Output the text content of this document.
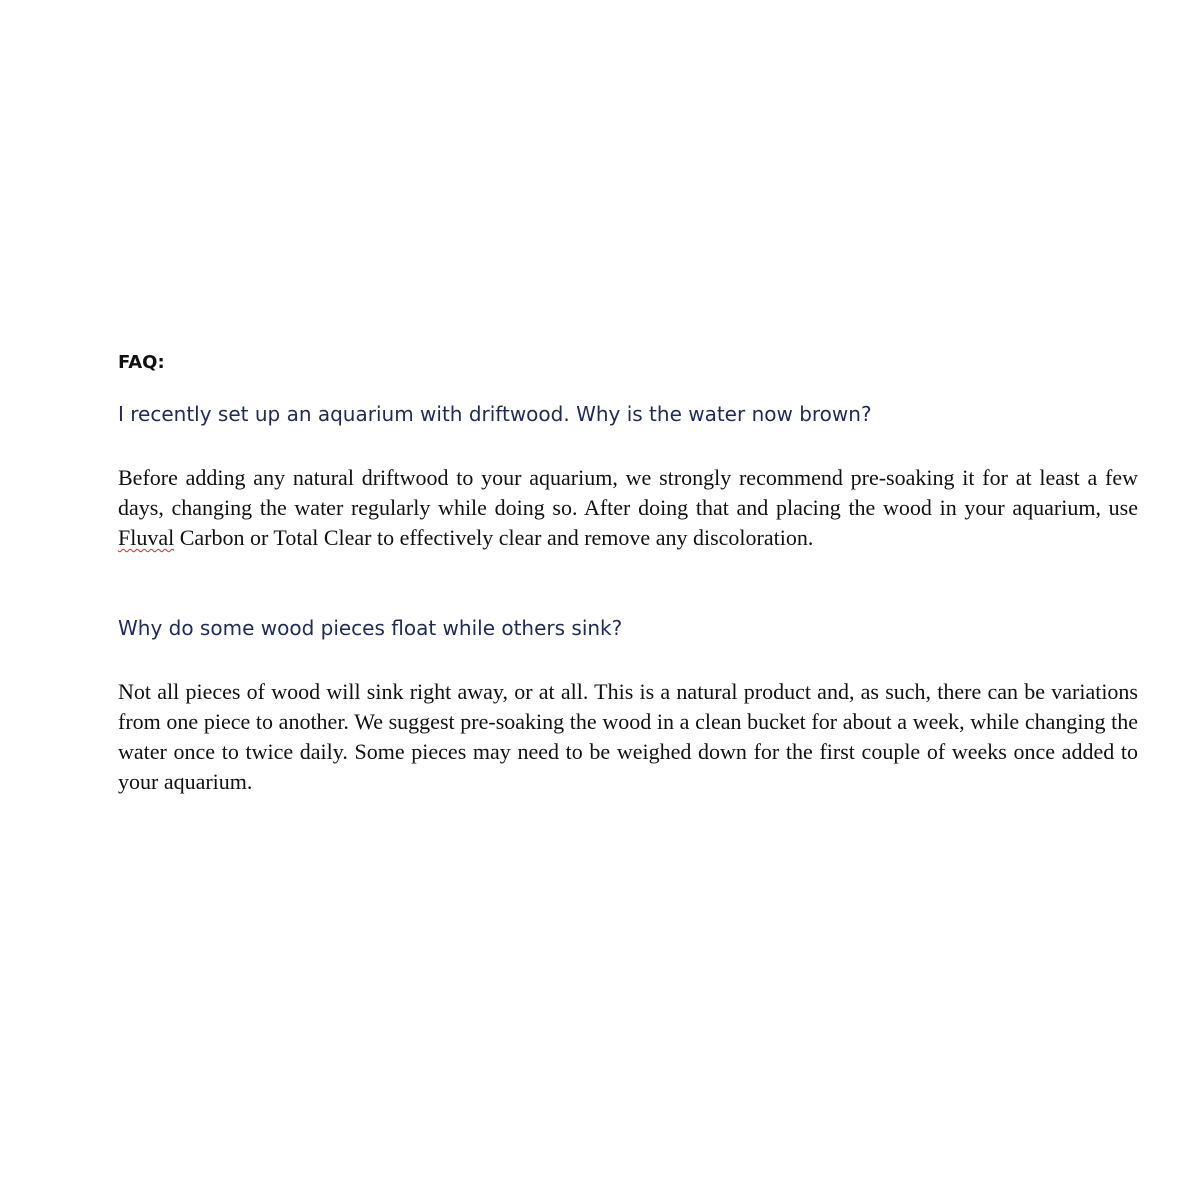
FAQ:

I recently set up an aquarium with driftwood. Why is the water now brown?

Before adding any natural driftwood to your aquarium, we strongly recommend pre-soaking it for at least a few days, changing the water regularly while doing so. After doing that and placing the wood in your aquarium, use Fluval Carbon or Total Clear to effectively clear and remove any discoloration.

Why do some wood pieces float while others sink?

Not all pieces of wood will sink right away, or at all. This is a natural product and, as such, there can be variations from one piece to another. We suggest pre-soaking the wood in a clean bucket for about a week, while changing the water once to twice daily. Some pieces may need to be weighed down for the first couple of weeks once added to your aquarium.
